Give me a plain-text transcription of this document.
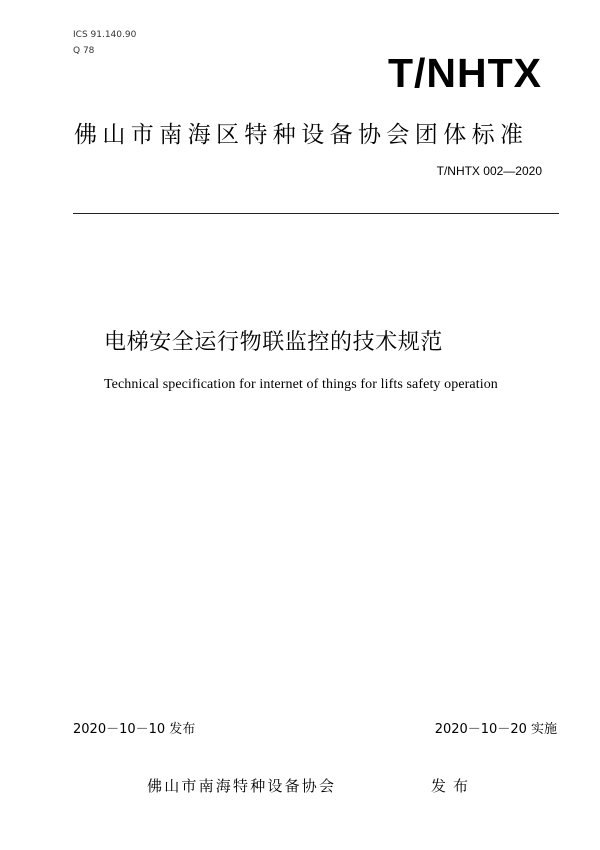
ICS 91.140.90
Q 78	T/NHTX
佛山市南海区特种设备协会团体标准
T/NHTX 002—2020
电梯安全运行物联监控的技术规范
Technical specification for internet of things for lifts safety operation
2020－10－10 发布	2020－10－20 实施
佛山市南海特种设备协会	发布
